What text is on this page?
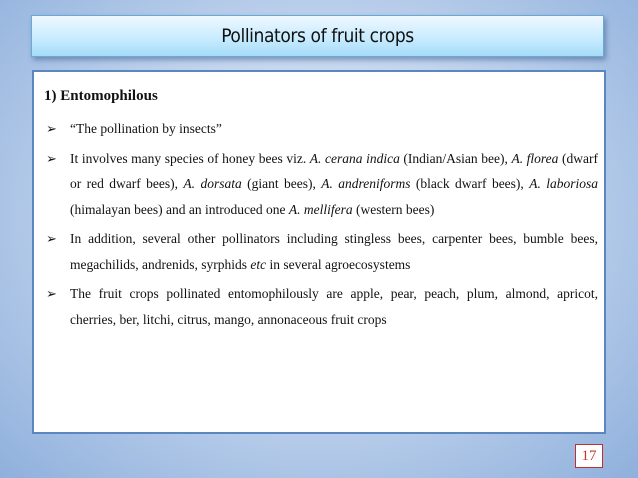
Pollinators of fruit crops
1) Entomophilous
➢ “The pollination by insects”
➢ It involves many species of honey bees viz. A. cerana indica (Indian/Asian bee), A. florea (dwarf or red dwarf bees), A. dorsata (giant bees), A. andreniforms (black dwarf bees), A. laboriosa (himalayan bees) and an introduced one A. mellifera (western bees)
➢ In addition, several other pollinators including stingless bees, carpenter bees, bumble bees, megachilids, andrenids, syrphids etc in several agroecosystems
➢ The fruit crops pollinated entomophilously are apple, pear, peach, plum, almond, apricot, cherries, ber, litchi, citrus, mango, annonaceous fruit crops
17
